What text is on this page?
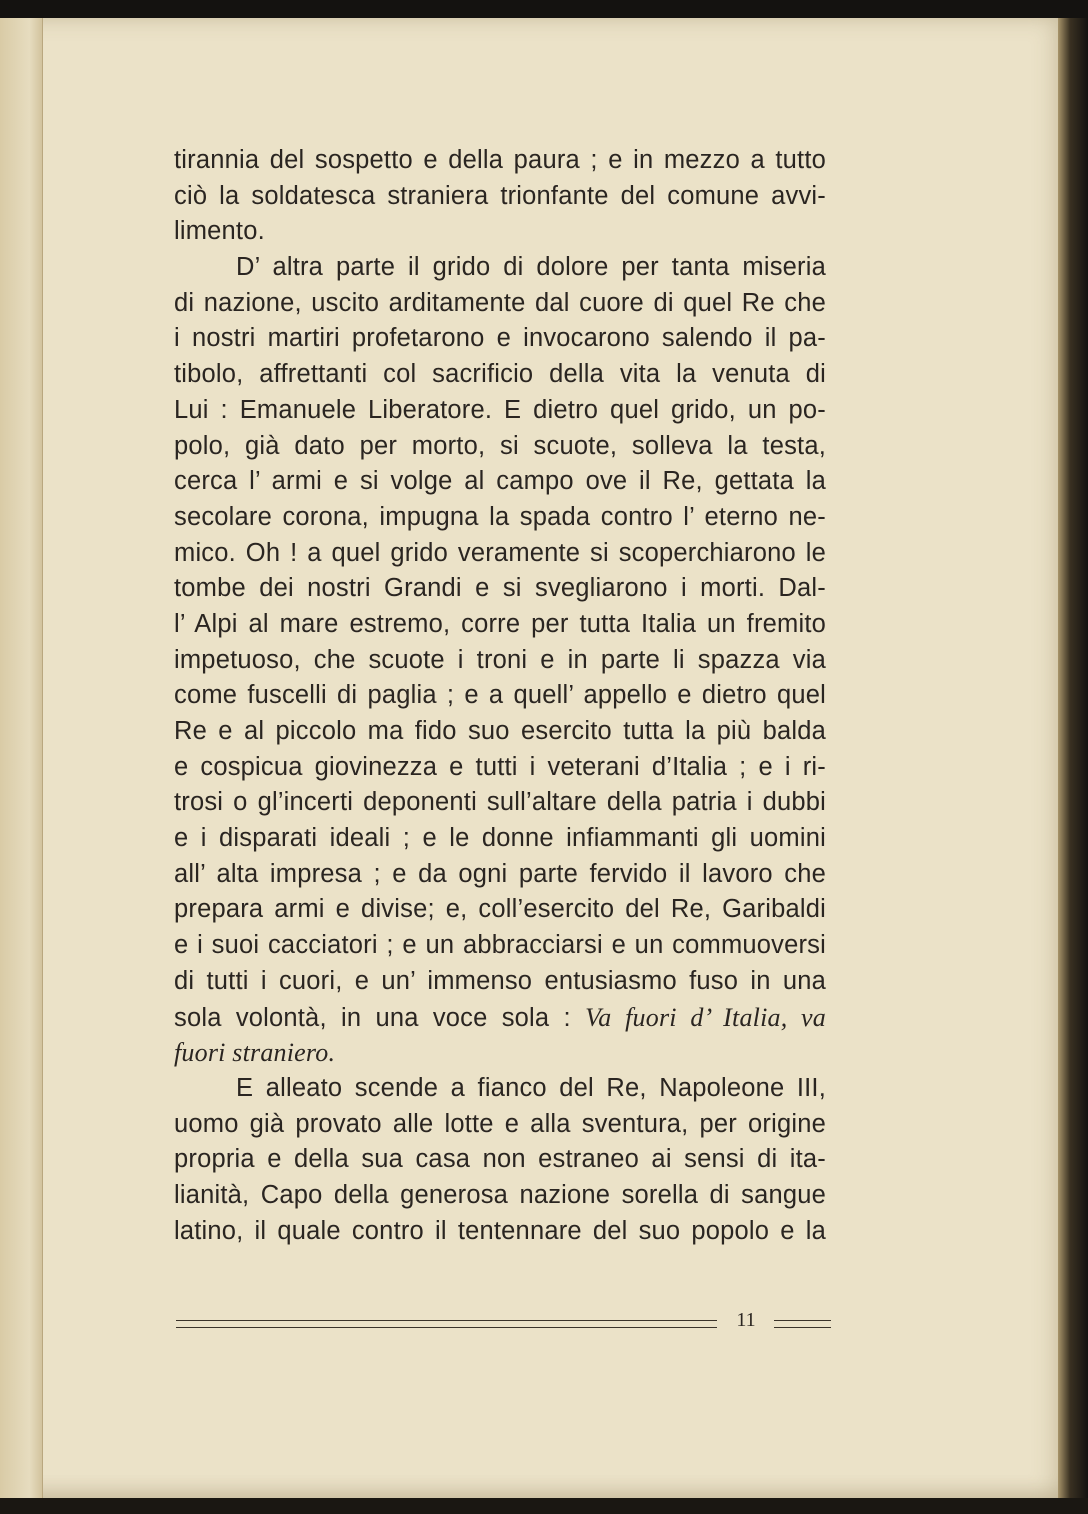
tirannia del sospetto e della paura ; e in mezzo a tutto
ciò la soldatesca straniera trionfante del comune avvi-
limento.
D’ altra parte il grido di dolore per tanta miseria
di nazione, uscito arditamente dal cuore di quel Re che
i nostri martiri profetarono e invocarono salendo il pa-
tibolo, affrettanti col sacrificio della vita la venuta di
Lui : Emanuele Liberatore. E dietro quel grido, un po-
polo, già dato per morto, si scuote, solleva la testa,
cerca l’ armi e si volge al campo ove il Re, gettata la
secolare corona, impugna la spada contro l’ eterno ne-
mico. Oh ! a quel grido veramente si scoperchiarono le
tombe dei nostri Grandi e si svegliarono i morti. Dal-
l’ Alpi al mare estremo, corre per tutta Italia un fremito
impetuoso, che scuote i troni e in parte li spazza via
come fuscelli di paglia ; e a quell’ appello e dietro quel
Re e al piccolo ma fido suo esercito tutta la più balda
e cospicua giovinezza e tutti i veterani d’Italia ; e i ri-
trosi o gl’incerti deponenti sull’altare della patria i dubbi
e i disparati ideali ; e le donne infiammanti gli uomini
all’ alta impresa ; e da ogni parte fervido il lavoro che
prepara armi e divise; e, coll’esercito del Re, Garibaldi
e i suoi cacciatori ; e un abbracciarsi e un commuoversi
di tutti i cuori, e un’ immenso entusiasmo fuso in una
sola volontà, in una voce sola : Va fuori d’ Italia, va
fuori straniero.
E alleato scende a fianco del Re, Napoleone III,
uomo già provato alle lotte e alla sventura, per origine
propria e della sua casa non estraneo ai sensi di ita-
lianità, Capo della generosa nazione sorella di sangue
latino, il quale contro il tentennare del suo popolo e la
11
